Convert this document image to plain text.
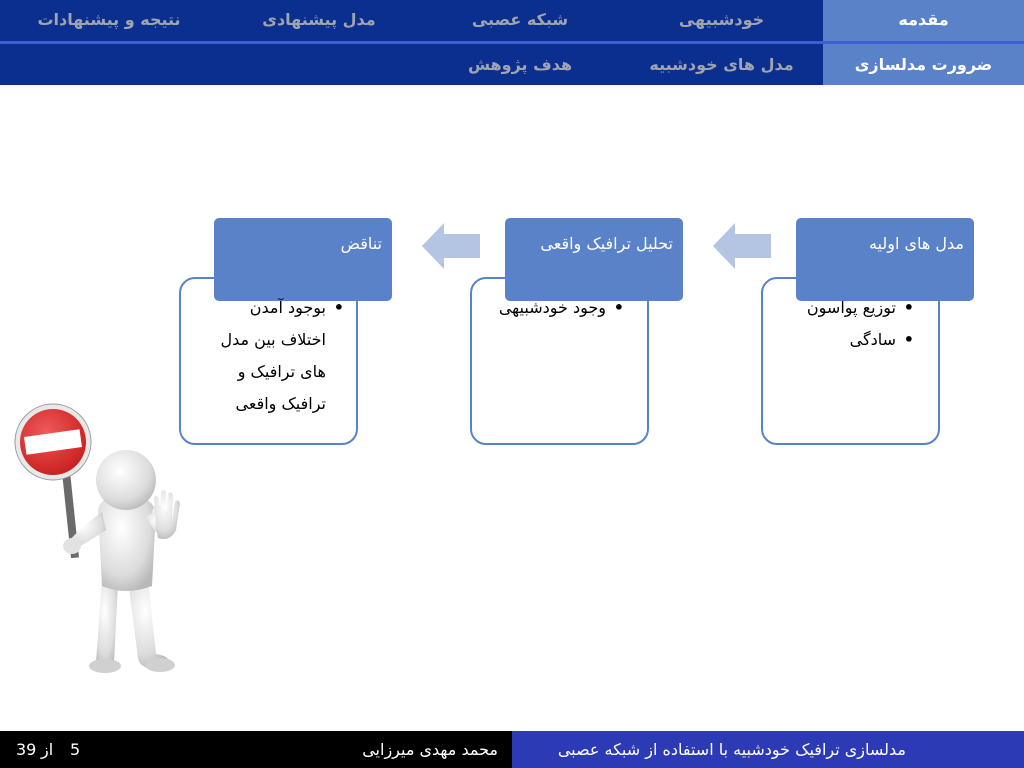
مقدمه
خودشبیهی
شبکه عصبی
مدل پیشنهادی
نتیجه و پیشنهادات
ضرورت مدلسازی
مدل های خودشبیه
هدف پژوهش
مدل های اولیه
• توزیع پواسون
• سادگی
تحلیل ترافیک واقعی
• وجود خودشبیهی
تناقض
• بوجود آمدن اختلاف بین مدل های ترافیک و ترافیک واقعی
محمد مهدی میرزایی
39 از 5	مدلسازی ترافیک خودشبیه با استفاده از شبکه عصبی
